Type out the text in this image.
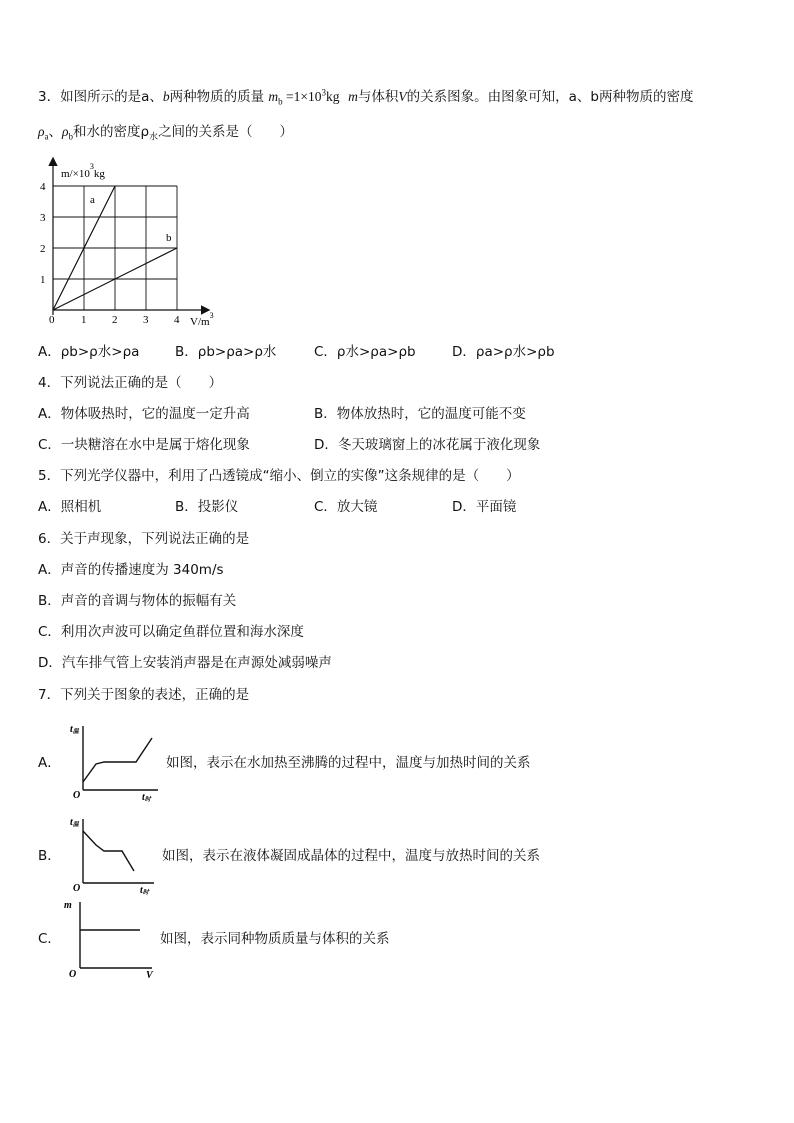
3．如图所示的是a、b两种物质的质量 $m_b =1\times 10^3kg$ m与体积V的关系图象。由图象可知，a、b两种物质的密度
$\rho_a$、$\rho_b$和水的密度$\rho_水$之间的关系是（　　）
1 2 3 4
1
2
3
4
$m/\times 10^3kg$
$V/m^3$
0
a
b
A．ρb>ρ水>ρa	B．ρb>ρa>ρ水	C．ρ水>ρa>ρb	D．ρa>ρ水>ρb
4．下列说法正确的是（　　）
A．物体吸热时，它的温度一定升高	B．物体放热时，它的温度可能不变
C．一块糖溶在水中是属于熔化现象	D．冬天玻璃窗上的冰花属于液化现象
5．下列光学仪器中，利用了凸透镜成“缩小、倒立的实像”这条规律的是（　　）
A．照相机	B．投影仪	C．放大镜	D．平面镜
6．关于声现象，下列说法正确的是
A．声音的传播速度为 340m/s
B．声音的音调与物体的振幅有关
C．利用次声波可以确定鱼群位置和海水深度
D．汽车排气管上安装消声器是在声源处减弱噪声
7．下列关于图象的表述，正确的是
A．
t温
t时
O
如图，表示在水加热至沸腾的过程中，温度与加热时间的关系
B．
t温
t时
O
如图，表示在液体凝固成晶体的过程中，温度与放热时间的关系
C．
m
V
O
如图，表示同种物质质量与体积的关系
